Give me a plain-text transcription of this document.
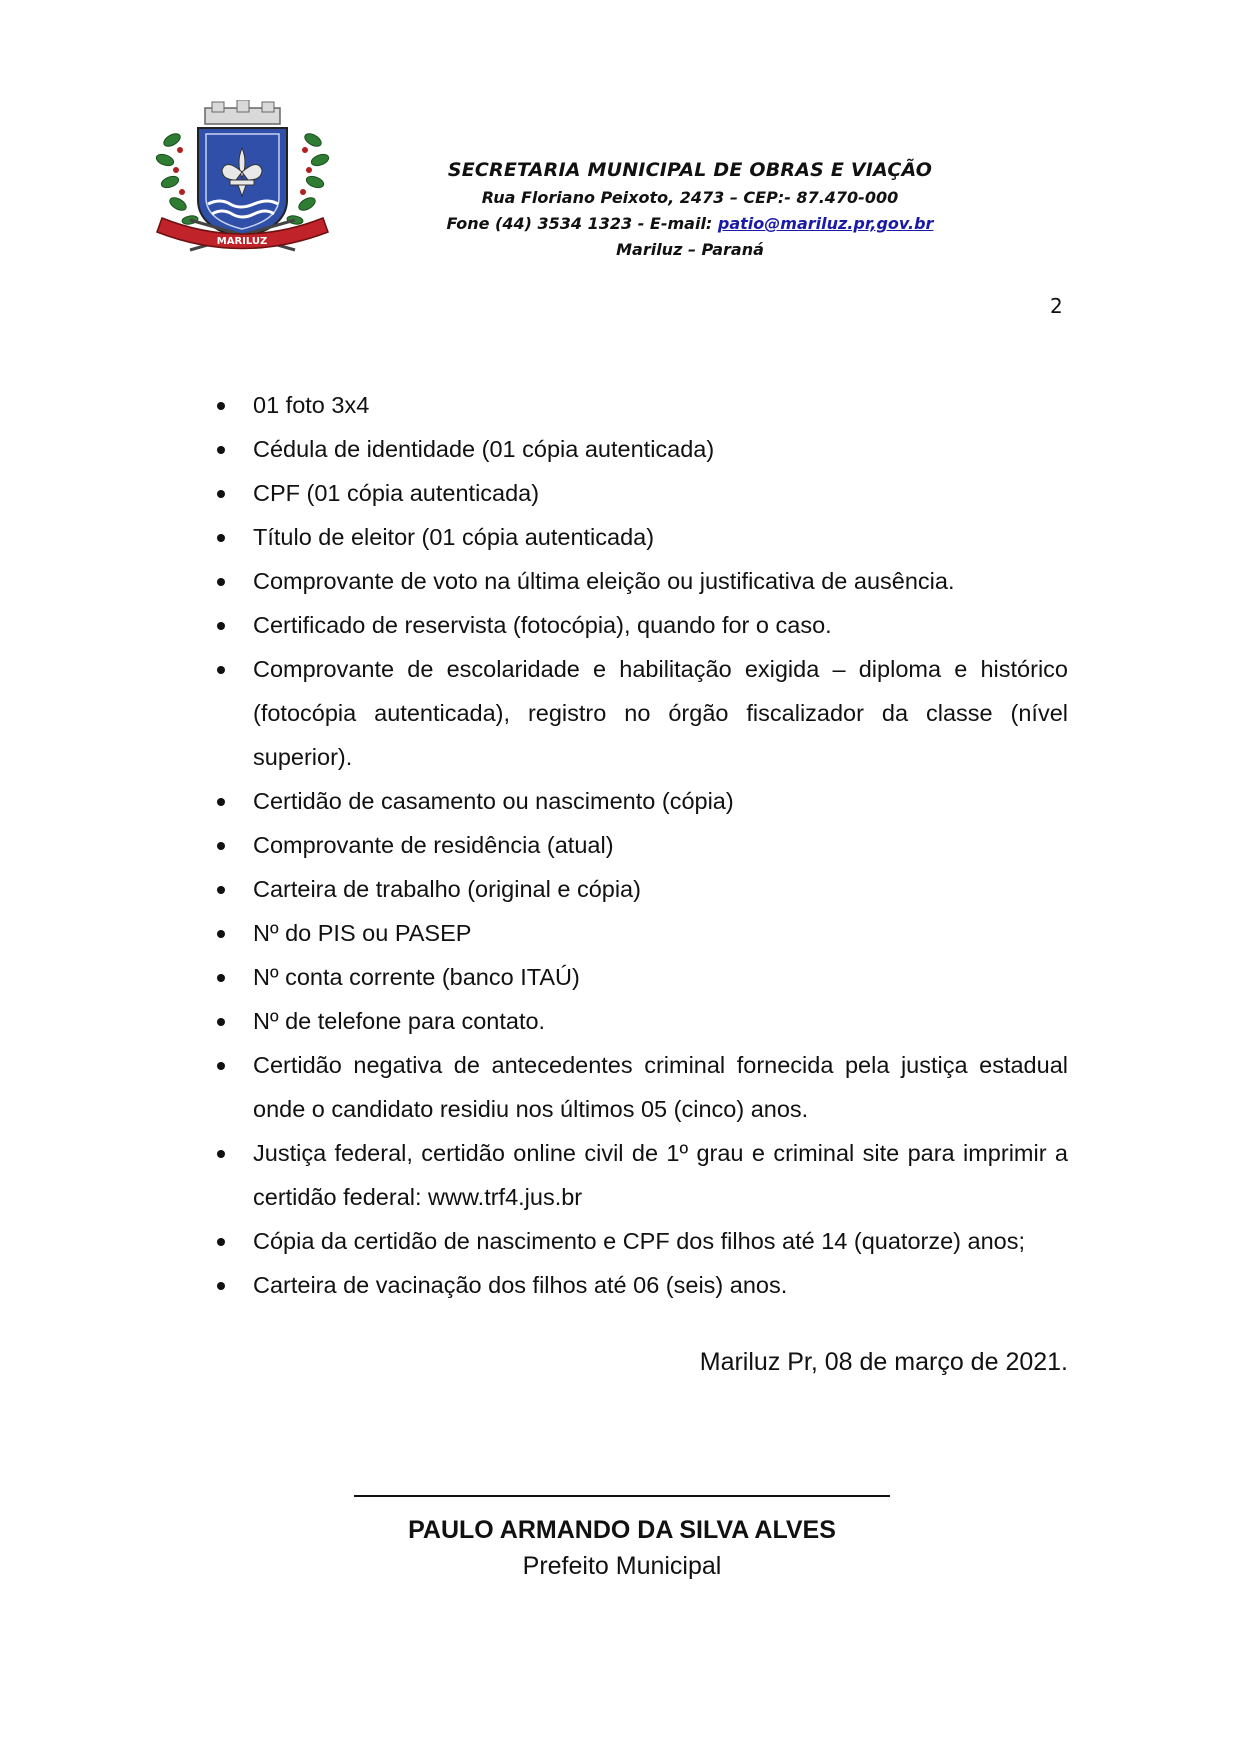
MARILUZ
SECRETARIA MUNICIPAL DE OBRAS E VIAÇÃO
Rua Floriano Peixoto, 2473 – CEP:- 87.470-000
Fone (44) 3534 1323 - E-mail: patio@mariluz.pr,gov.br
Mariluz – Paraná
2
01 foto 3x4
Cédula de identidade (01 cópia autenticada)
CPF (01 cópia autenticada)
Título de eleitor (01 cópia autenticada)
Comprovante de voto na última eleição ou justificativa de ausência.
Certificado de reservista (fotocópia), quando for o caso.
Comprovante de escolaridade e habilitação exigida – diploma e histórico (fotocópia autenticada), registro no órgão fiscalizador da classe (nível superior).
Certidão de casamento ou nascimento (cópia)
Comprovante de residência (atual)
Carteira de trabalho (original e cópia)
Nº do PIS ou PASEP
Nº conta corrente (banco ITAÚ)
Nº de telefone para contato.
Certidão negativa de antecedentes criminal fornecida pela justiça estadual onde o candidato residiu nos últimos 05 (cinco) anos.
Justiça federal, certidão online civil de 1º grau e criminal site para imprimir a certidão federal: www.trf4.jus.br
Cópia da certidão de nascimento e CPF dos filhos até 14 (quatorze) anos;
Carteira de vacinação dos filhos até 06 (seis) anos.
Mariluz Pr, 08 de março de 2021.
PAULO ARMANDO DA SILVA ALVES
Prefeito Municipal
